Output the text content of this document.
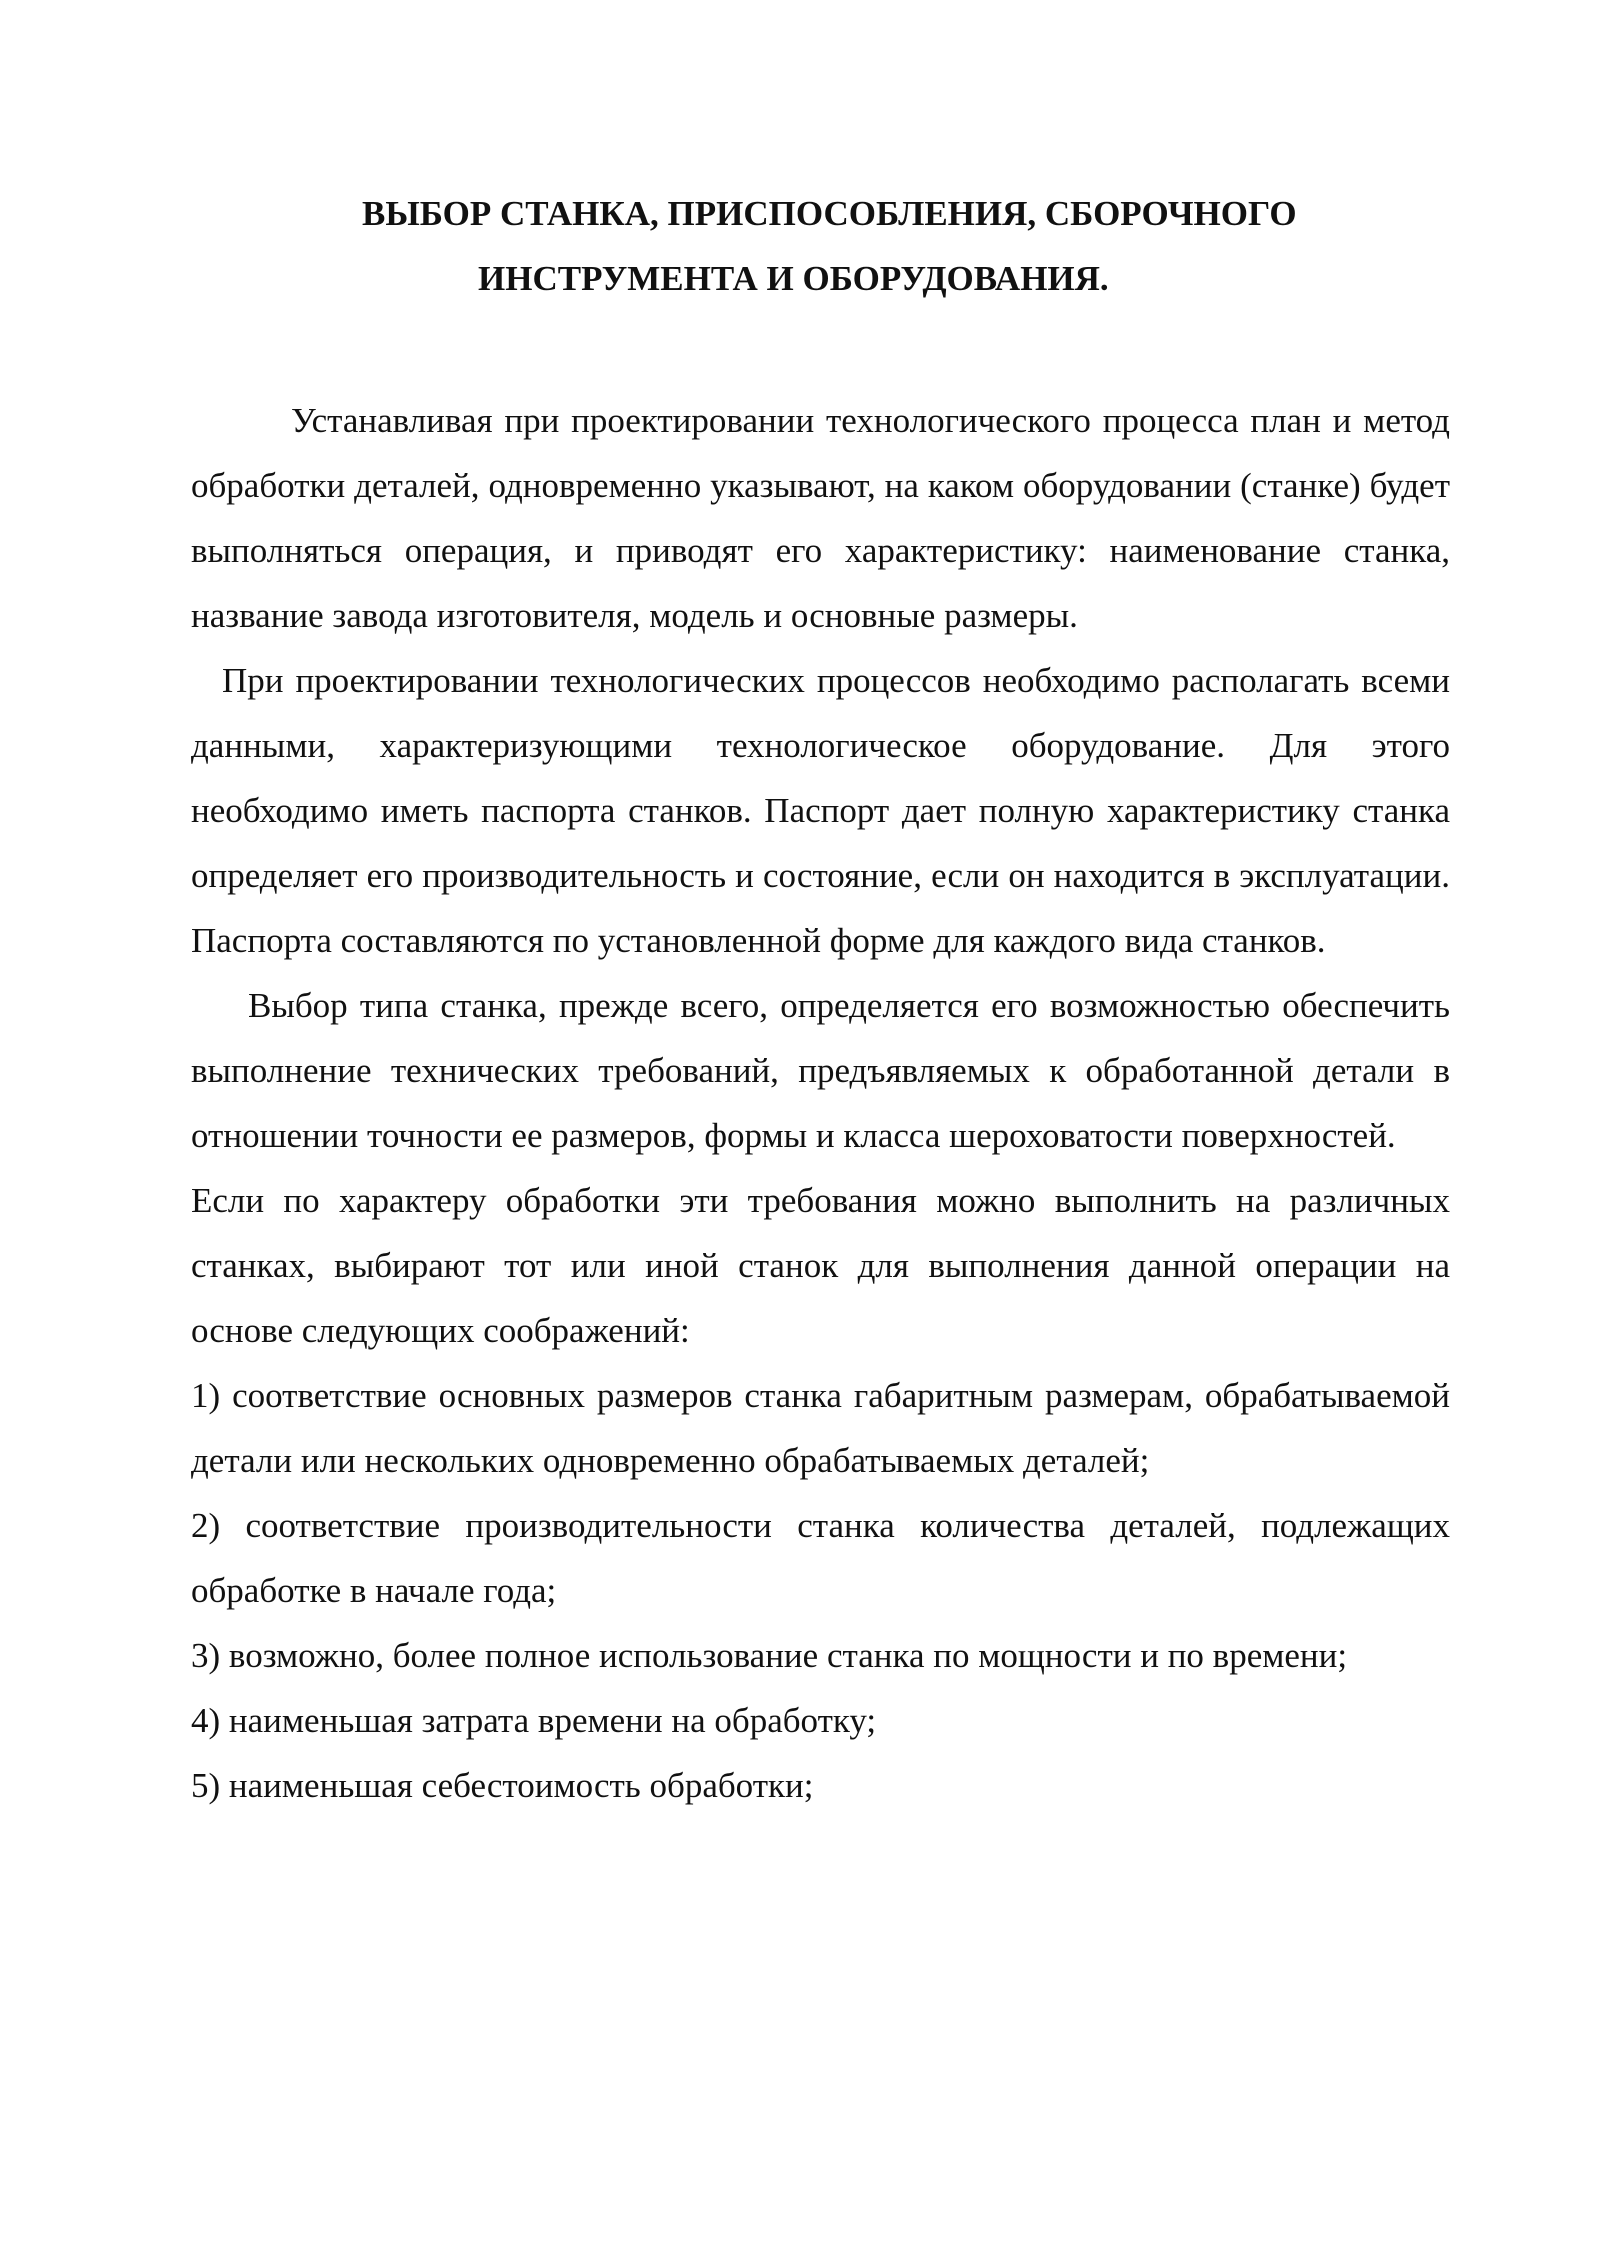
ВЫБОР СТАНКА, ПРИСПОСОБЛЕНИЯ, СБОРОЧНОГО
ИНСТРУМЕНТА И ОБОРУДОВАНИЯ.

Устанавливая при проектировании технологического процесса план и метод обработки деталей, одновременно указывают, на каком оборудовании (станке) будет выполняться операция, и приводят его характеристику: наименование станка, название завода изготовителя, модель и основные размеры.

При проектировании технологических процессов необходимо располагать всеми данными, характеризующими технологическое оборудование. Для этого необходимо иметь паспорта станков. Паспорт дает полную характеристику станка определяет его производительность и состояние, если он находится в эксплуатации. Паспорта составляются по установленной форме для каждого вида станков.

Выбор типа станка, прежде всего, определяется его возможностью обеспечить выполнение технических требований, предъявляемых к обработанной детали в отношении точности ее размеров, формы и класса шероховатости поверхностей.

Если по характеру обработки эти требования можно выполнить на различных станках, выбирают тот или иной станок для выполнения данной операции на основе следующих соображений:

1) соответствие основных размеров станка габаритным размерам, обрабатываемой детали или нескольких одновременно обрабатываемых деталей;

2) соответствие производительности станка количества деталей, подлежащих обработке в начале года;

3) возможно, более полное использование станка по мощности и по времени;

4) наименьшая затрата времени на обработку;

5) наименьшая себестоимость обработки;
